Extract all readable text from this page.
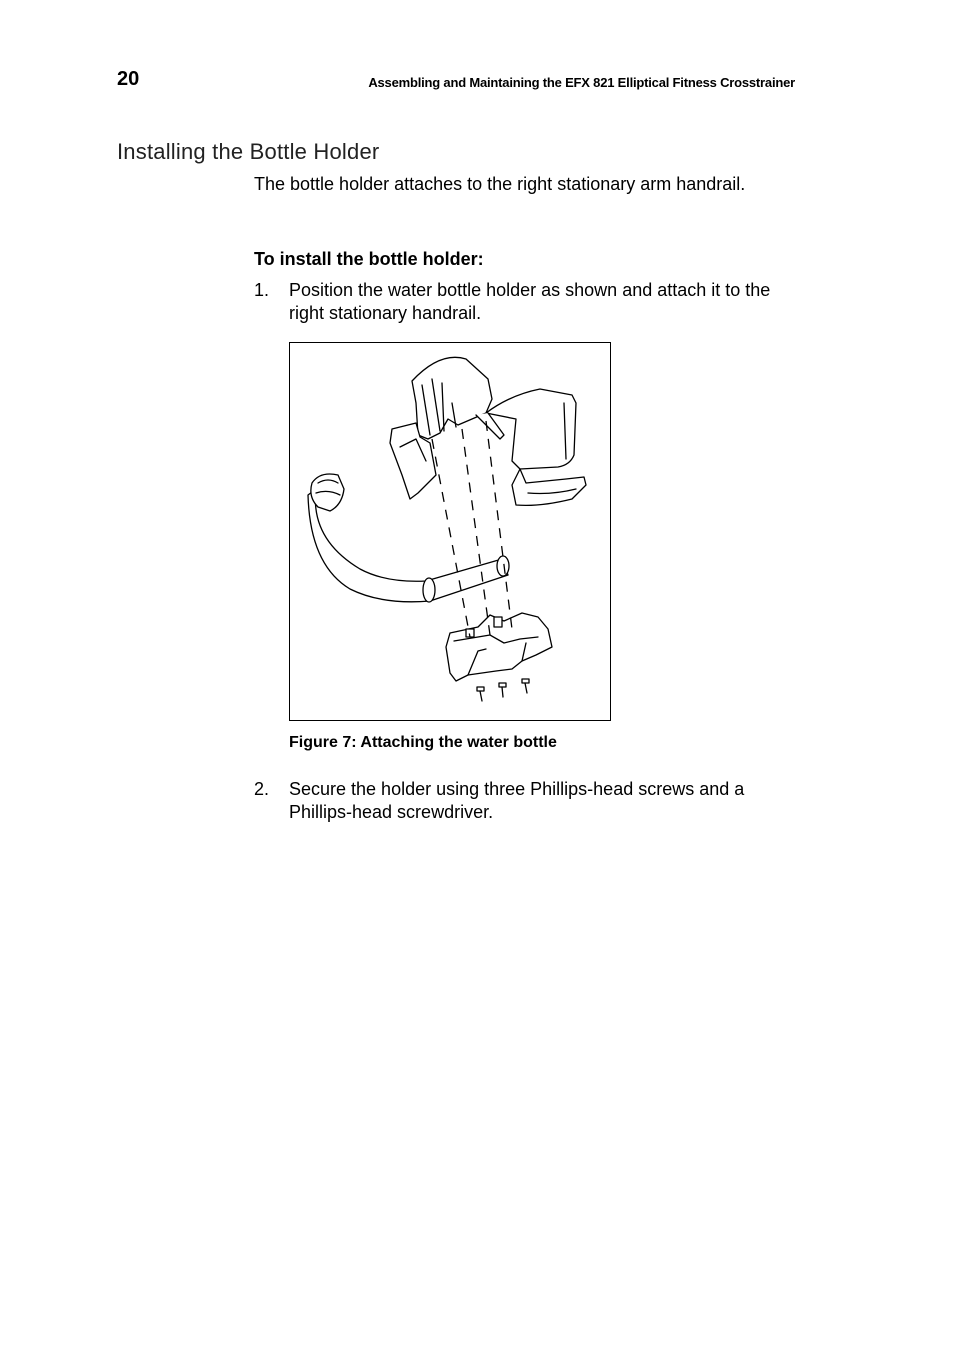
20	Assembling and Maintaining the EFX 821 Elliptical Fitness Crosstrainer
Installing the Bottle Holder
The bottle holder attaches to the right stationary arm handrail.
To install the bottle holder:
1. Position the water bottle holder as shown and attach it to the right stationary handrail.
Figure 7: Attaching the water bottle
2. Secure the holder using three Phillips-head screws and a Phillips-head screwdriver.
